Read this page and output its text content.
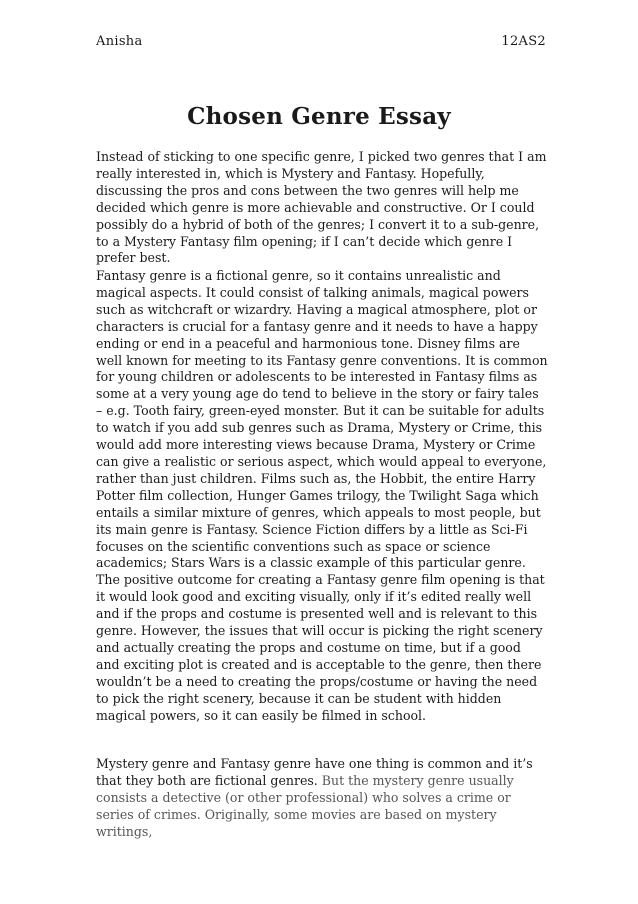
Anisha	12AS2
Chosen Genre Essay

Instead of sticking to one specific genre, I picked two genres that I am really interested in, which is Mystery and Fantasy. Hopefully, discussing the pros and cons between the two genres will help me decided which genre is more achievable and constructive. Or I could possibly do a hybrid of both of the genres; I convert it to a sub-genre, to a Mystery Fantasy film opening; if I can’t decide which genre I prefer best.

Fantasy genre is a fictional genre, so it contains unrealistic and magical aspects. It could consist of talking animals, magical powers such as witchcraft or wizardry. Having a magical atmosphere, plot or characters is crucial for a fantasy genre and it needs to have a happy ending or end in a peaceful and harmonious tone. Disney films are well known for meeting to its Fantasy genre conventions. It is common for young children or adolescents to be interested in Fantasy films as some at a very young age do tend to believe in the story or fairy tales – e.g. Tooth fairy, green-eyed monster. But it can be suitable for adults to watch if you add sub genres such as Drama, Mystery or Crime, this would add more interesting views because Drama, Mystery or Crime can give a realistic or serious aspect, which would appeal to everyone, rather than just children. Films such as, the Hobbit, the entire Harry Potter film collection, Hunger Games trilogy, the Twilight Saga which entails a similar mixture of genres, which appeals to most people, but its main genre is Fantasy. Science Fiction differs by a little as Sci-Fi focuses on the scientific conventions such as space or science academics; Stars Wars is a classic example of this particular genre. The positive outcome for creating a Fantasy genre film opening is that it would look good and exciting visually, only if it’s edited really well and if the props and costume is presented well and is relevant to this genre. However, the issues that will occur is picking the right scenery and actually creating the props and costume on time, but if a good and exciting plot is created and is acceptable to the genre, then there wouldn’t be a need to creating the props/costume or having the need to pick the right scenery, because it can be student with hidden magical powers, so it can easily be filmed in school.

Mystery genre and Fantasy genre have one thing is common and it’s that they both are fictional genres. But the mystery genre usually consists a detective (or other professional) who solves a crime or series of crimes. Originally, some movies are based on mystery writings,
